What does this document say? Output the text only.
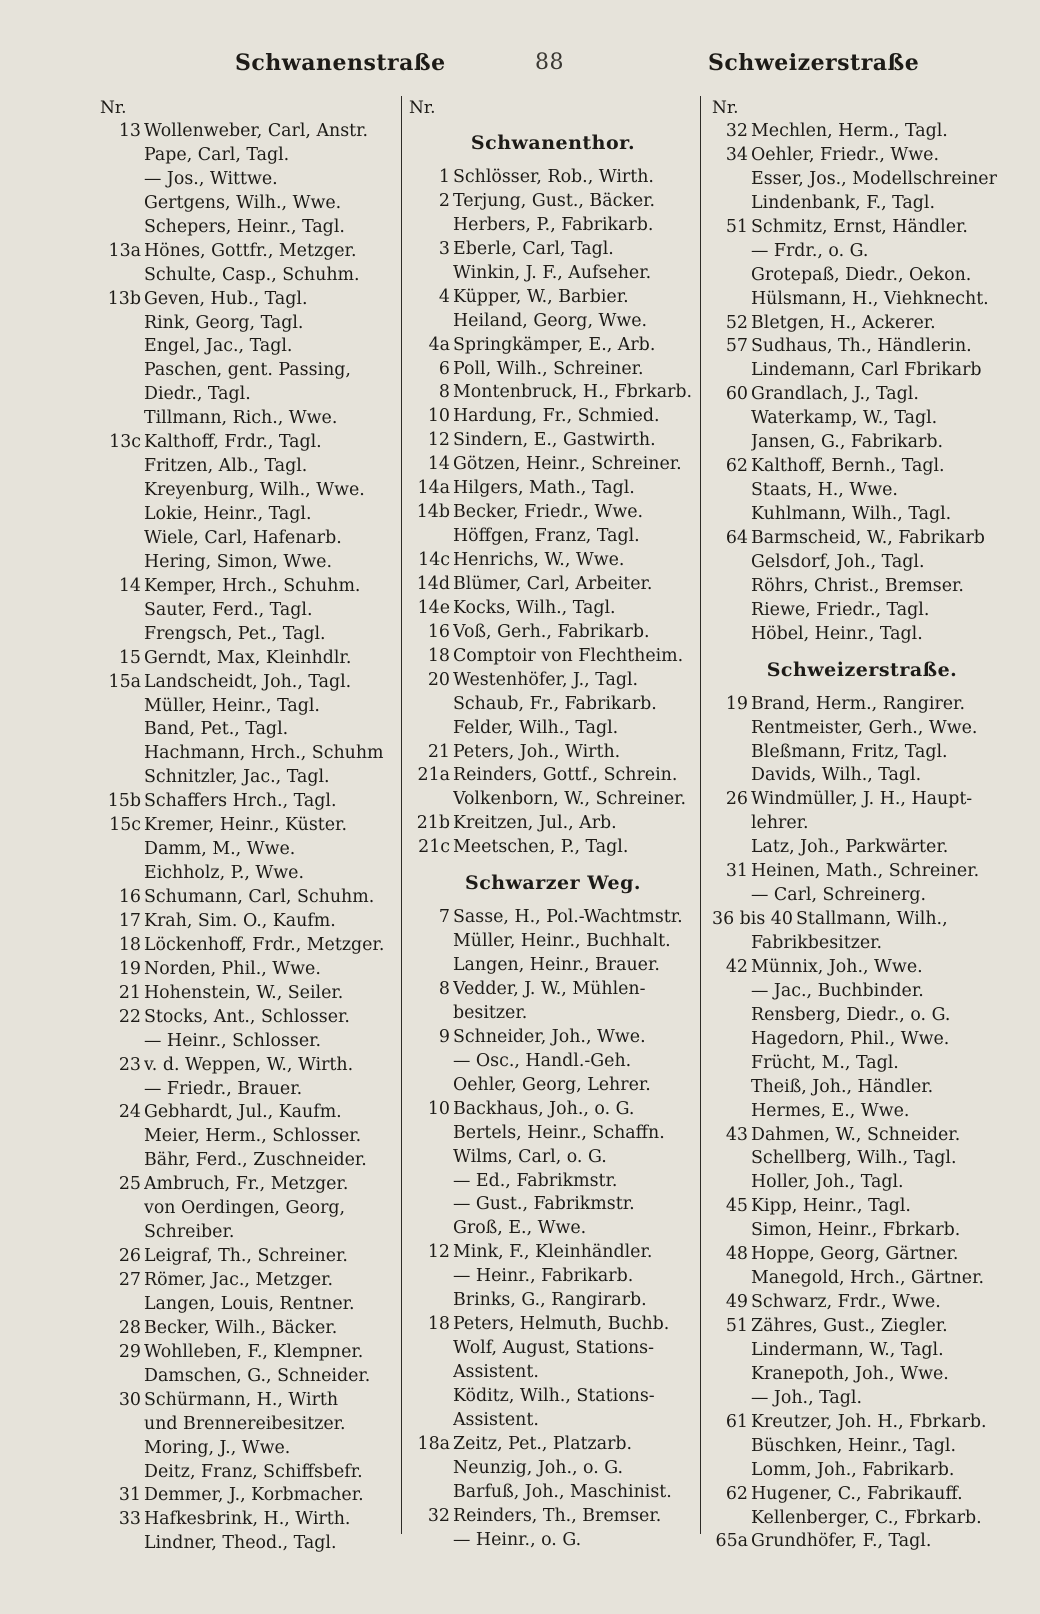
Schwanenstraße	88	Schweizerstraße
Nr.
13 Wollenweber, Carl, Anstr.
Pape, Carl, Tagl.
— Jos., Wittwe.
Gertgens, Wilh., Wwe.
Schepers, Heinr., Tagl.
13a Hönes, Gottfr., Metzger.
Schulte, Casp., Schuhm.
13b Geven, Hub., Tagl.
Rink, Georg, Tagl.
Engel, Jac., Tagl.
Paschen, gent. Passing,
Diedr., Tagl.
Tillmann, Rich., Wwe.
13c Kalthoff, Frdr., Tagl.
Fritzen, Alb., Tagl.
Kreyenburg, Wilh., Wwe.
Lokie, Heinr., Tagl.
Wiele, Carl, Hafenarb.
Hering, Simon, Wwe.
14 Kemper, Hrch., Schuhm.
Sauter, Ferd., Tagl.
Frengsch, Pet., Tagl.
15 Gerndt, Max, Kleinhdlr.
15a Landscheidt, Joh., Tagl.
Müller, Heinr., Tagl.
Band, Pet., Tagl.
Hachmann, Hrch., Schuhm
Schnitzler, Jac., Tagl.
15b Schaffers Hrch., Tagl.
15c Kremer, Heinr., Küster.
Damm, M., Wwe.
Eichholz, P., Wwe.
16 Schumann, Carl, Schuhm.
17 Krah, Sim. O., Kaufm.
18 Löckenhoff, Frdr., Metzger.
19 Norden, Phil., Wwe.
21 Hohenstein, W., Seiler.
22 Stocks, Ant., Schlosser.
— Heinr., Schlosser.
23 v. d. Weppen, W., Wirth.
— Friedr., Brauer.
24 Gebhardt, Jul., Kaufm.
Meier, Herm., Schlosser.
Bähr, Ferd., Zuschneider.
25 Ambruch, Fr., Metzger.
von Oerdingen, Georg,
Schreiber.
26 Leigraf, Th., Schreiner.
27 Römer, Jac., Metzger.
Langen, Louis, Rentner.
28 Becker, Wilh., Bäcker.
29 Wohlleben, F., Klempner.
Damschen, G., Schneider.
30 Schürmann, H., Wirth
und Brennereibesitzer.
Moring, J., Wwe.
Deitz, Franz, Schiffsbefr.
31 Demmer, J., Korbmacher.
33 Hafkesbrink, H., Wirth.
Lindner, Theod., Tagl.
Nr.
Schwanenthor.
1 Schlösser, Rob., Wirth.
2 Terjung, Gust., Bäcker.
Herbers, P., Fabrikarb.
3 Eberle, Carl, Tagl.
Winkin, J. F., Aufseher.
4 Küpper, W., Barbier.
Heiland, Georg, Wwe.
4a Springkämper, E., Arb.
6 Poll, Wilh., Schreiner.
8 Montenbruck, H., Fbrkarb.
10 Hardung, Fr., Schmied.
12 Sindern, E., Gastwirth.
14 Götzen, Heinr., Schreiner.
14a Hilgers, Math., Tagl.
14b Becker, Friedr., Wwe.
Höffgen, Franz, Tagl.
14c Henrichs, W., Wwe.
14d Blümer, Carl, Arbeiter.
14e Kocks, Wilh., Tagl.
16 Voß, Gerh., Fabrikarb.
18 Comptoir von Flechtheim.
20 Westenhöfer, J., Tagl.
Schaub, Fr., Fabrikarb.
Felder, Wilh., Tagl.
21 Peters, Joh., Wirth.
21a Reinders, Gottf., Schrein.
Volkenborn, W., Schreiner.
21b Kreitzen, Jul., Arb.
21c Meetschen, P., Tagl.
Schwarzer Weg.
7 Sasse, H., Pol.-Wachtmstr.
Müller, Heinr., Buchhalt.
Langen, Heinr., Brauer.
8 Vedder, J. W., Mühlen-
besitzer.
9 Schneider, Joh., Wwe.
— Osc., Handl.-Geh.
Oehler, Georg, Lehrer.
10 Backhaus, Joh., o. G.
Bertels, Heinr., Schaffn.
Wilms, Carl, o. G.
— Ed., Fabrikmstr.
— Gust., Fabrikmstr.
Groß, E., Wwe.
12 Mink, F., Kleinhändler.
— Heinr., Fabrikarb.
Brinks, G., Rangirarb.
18 Peters, Helmuth, Buchb.
Wolf, August, Stations-
Assistent.
Köditz, Wilh., Stations-
Assistent.
18a Zeitz, Pet., Platzarb.
Neunzig, Joh., o. G.
Barfuß, Joh., Maschinist.
32 Reinders, Th., Bremser.
— Heinr., o. G.
Nr.
32 Mechlen, Herm., Tagl.
34 Oehler, Friedr., Wwe.
Esser, Jos., Modellschreiner
Lindenbank, F., Tagl.
51 Schmitz, Ernst, Händler.
— Frdr., o. G.
Grotepaß, Diedr., Oekon.
Hülsmann, H., Viehknecht.
52 Bletgen, H., Ackerer.
57 Sudhaus, Th., Händlerin.
Lindemann, Carl Fbrikarb
60 Grandlach, J., Tagl.
Waterkamp, W., Tagl.
Jansen, G., Fabrikarb.
62 Kalthoff, Bernh., Tagl.
Staats, H., Wwe.
Kuhlmann, Wilh., Tagl.
64 Barmscheid, W., Fabrikarb
Gelsdorf, Joh., Tagl.
Röhrs, Christ., Bremser.
Riewe, Friedr., Tagl.
Höbel, Heinr., Tagl.
Schweizerstraße.
19 Brand, Herm., Rangirer.
Rentmeister, Gerh., Wwe.
Bleßmann, Fritz, Tagl.
Davids, Wilh., Tagl.
26 Windmüller, J. H., Haupt-
lehrer.
Latz, Joh., Parkwärter.
31 Heinen, Math., Schreiner.
— Carl, Schreinerg.
36 bis 40 Stallmann, Wilh.,
Fabrikbesitzer.
42 Münnix, Joh., Wwe.
— Jac., Buchbinder.
Rensberg, Diedr., o. G.
Hagedorn, Phil., Wwe.
Frücht, M., Tagl.
Theiß, Joh., Händler.
Hermes, E., Wwe.
43 Dahmen, W., Schneider.
Schellberg, Wilh., Tagl.
Holler, Joh., Tagl.
45 Kipp, Heinr., Tagl.
Simon, Heinr., Fbrkarb.
48 Hoppe, Georg, Gärtner.
Manegold, Hrch., Gärtner.
49 Schwarz, Frdr., Wwe.
51 Zähres, Gust., Ziegler.
Lindermann, W., Tagl.
Kranepoth, Joh., Wwe.
— Joh., Tagl.
61 Kreutzer, Joh. H., Fbrkarb.
Büschken, Heinr., Tagl.
Lomm, Joh., Fabrikarb.
62 Hugener, C., Fabrikauff.
Kellenberger, C., Fbrkarb.
65a Grundhöfer, F., Tagl.
